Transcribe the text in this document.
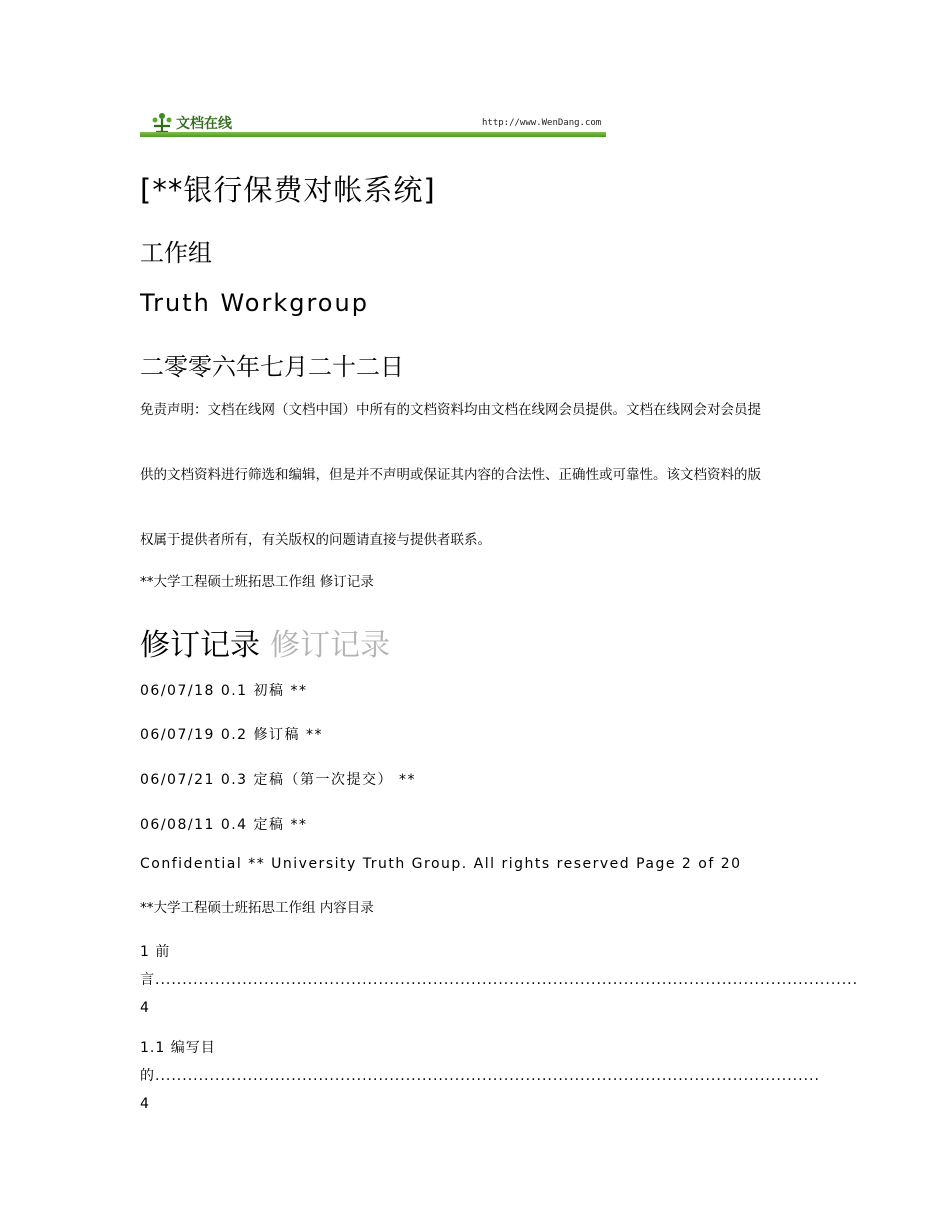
文档在线	http://www.WenDang.com
[**银行保费对帐系统]
工作组
Truth Workgroup
二零零六年七月二十二日
免责声明：文档在线网（文档中国）中所有的文档资料均由文档在线网会员提供。文档在线网会对会员提
供的文档资料进行筛选和编辑，但是并不声明或保证其内容的合法性、正确性或可靠性。该文档资料的版
权属于提供者所有，有关版权的问题请直接与提供者联系。
**大学工程硕士班拓思工作组 修订记录
修订记录 修订记录
06/07/18 0.1 初稿 **
06/07/19 0.2 修订稿 **
06/07/21 0.3 定稿（第一次提交） **
06/08/11 0.4 定稿 **
Confidential ** University Truth Group. All rights reserved Page 2 of 20
**大学工程硕士班拓思工作组 内容目录
1 前言................................................................................................................................. 4
1.1 编写目的.......................................................................................................................... 4
